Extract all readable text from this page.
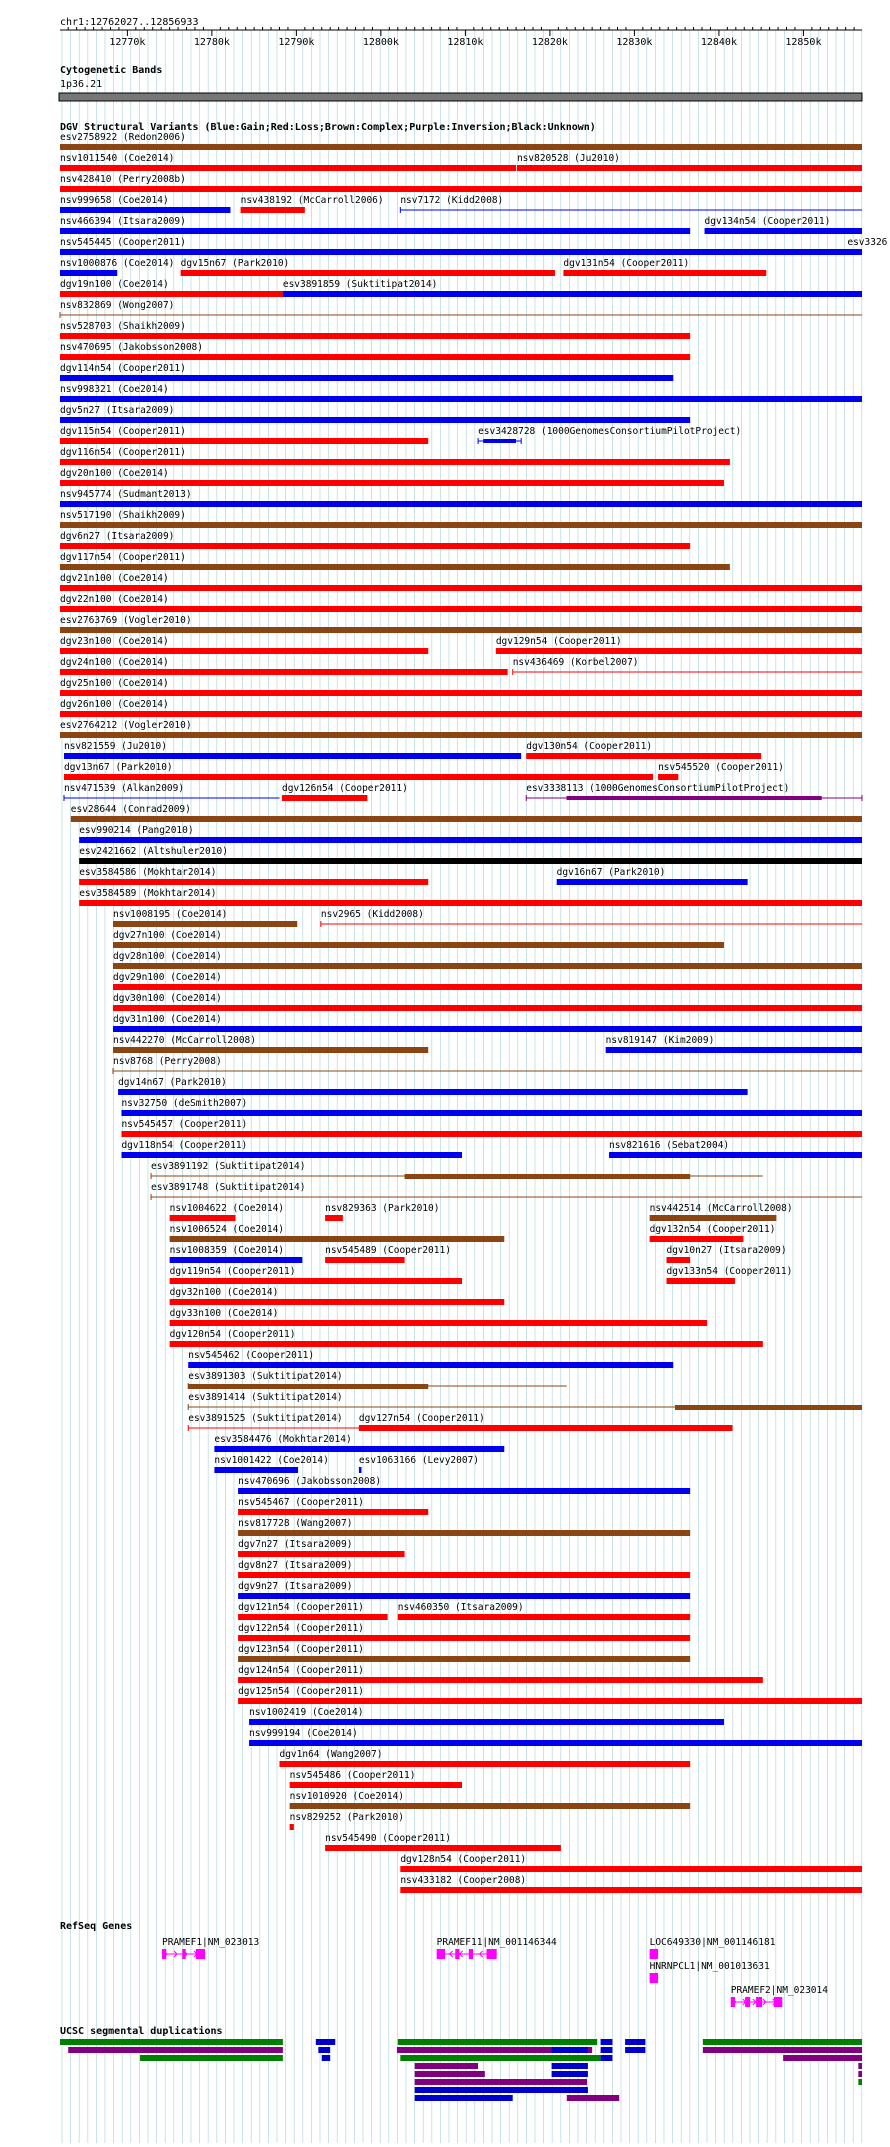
chr1:12762027..12856933
12770k	12780k	12790k	12800k	12810k	12820k	12830k	12840k	12850k
Cytogenetic Bands
1p36.21
DGV Structural Variants (Blue:Gain;Red:Loss;Brown:Complex;Purple:Inversion;Black:Unknown)
esv2758922 (Redon2006)
nsv1011540 (Coe2014)	nsv820528 (Ju2010)
nsv428410 (Perry2008b)
nsv999658 (Coe2014)	nsv438192 (McCarroll2006) nsv7172 (Kidd2008)
nsv466394 (Itsara2009)	dgv134n54 (Cooper2011)
nsv545445 (Cooper2011)	esv3326
nsv1000876 (Coe2014) dgv15n67 (Park2010)	dgv131n54 (Cooper2011)
dgv19n100 (Coe2014)	esv3891859 (Suktitipat2014)
nsv832869 (Wong2007)
nsv528703 (Shaikh2009)
nsv470695 (Jakobsson2008)
dgv114n54 (Cooper2011)
nsv998321 (Coe2014)
dgv5n27 (Itsara2009)
dgv115n54 (Cooper2011)	esv3428728 (1000GenomesConsortiumPilotProject)
dgv116n54 (Cooper2011)
dgv20n100 (Coe2014)
nsv945774 (Sudmant2013)
nsv517190 (Shaikh2009)
dgv6n27 (Itsara2009)
dgv117n54 (Cooper2011)
dgv21n100 (Coe2014)
dgv22n100 (Coe2014)
esv2763769 (Vogler2010)
dgv23n100 (Coe2014)	dgv129n54 (Cooper2011)
dgv24n100 (Coe2014)	nsv436469 (Korbel2007)
dgv25n100 (Coe2014)
dgv26n100 (Coe2014)
esv2764212 (Vogler2010)
nsv821559 (Ju2010)	dgv130n54 (Cooper2011)
dgv13n67 (Park2010)	nsv545520 (Cooper2011)
nsv471539 (Alkan2009)	dgv126n54 (Cooper2011)	esv3338113 (1000GenomesConsortiumPilotProject)
esv28644 (Conrad2009)
esv990214 (Pang2010)
esv2421662 (Altshuler2010)
esv3584586 (Mokhtar2014)	dgv16n67 (Park2010)
esv3584589 (Mokhtar2014)
nsv1008195 (Coe2014)	nsv2965 (Kidd2008)
dgv27n100 (Coe2014)
dgv28n100 (Coe2014)
dgv29n100 (Coe2014)
dgv30n100 (Coe2014)
dgv31n100 (Coe2014)
nsv442270 (McCarroll2008)	nsv819147 (Kim2009)
nsv8768 (Perry2008)
dgv14n67 (Park2010)
nsv32750 (deSmith2007)
nsv545457 (Cooper2011)
dgv118n54 (Cooper2011)	nsv821616 (Sebat2004)
esv3891192 (Suktitipat2014)
esv3891748 (Suktitipat2014)
nsv1004622 (Coe2014)	nsv829363 (Park2010)	nsv442514 (McCarroll2008)
nsv1006524 (Coe2014)	dgv132n54 (Cooper2011)
nsv1008359 (Coe2014)	nsv545489 (Cooper2011)	dgv10n27 (Itsara2009)
dgv119n54 (Cooper2011)	dgv133n54 (Cooper2011)
dgv32n100 (Coe2014)
dgv33n100 (Coe2014)
dgv120n54 (Cooper2011)
nsv545462 (Cooper2011)
esv3891303 (Suktitipat2014)
esv3891414 (Suktitipat2014)
esv3891525 (Suktitipat2014) dgv127n54 (Cooper2011)
esv3584476 (Mokhtar2014)
nsv1001422 (Coe2014)	esv1063166 (Levy2007)
nsv470696 (Jakobsson2008)
nsv545467 (Cooper2011)
nsv817728 (Wang2007)
dgv7n27 (Itsara2009)
dgv8n27 (Itsara2009)
dgv9n27 (Itsara2009)
dgv121n54 (Cooper2011)	nsv460350 (Itsara2009)
dgv122n54 (Cooper2011)
dgv123n54 (Cooper2011)
dgv124n54 (Cooper2011)
dgv125n54 (Cooper2011)
nsv1002419 (Coe2014)
nsv999194 (Coe2014)
dgv1n64 (Wang2007)
nsv545486 (Cooper2011)
nsv1010920 (Coe2014)
nsv829252 (Park2010)
nsv545490 (Cooper2011)
dgv128n54 (Cooper2011)
nsv433182 (Cooper2008)
RefSeq Genes
PRAMEF1|NM_023013	PRAMEF11|NM_001146344	LOC649330|NM_001146181
HNRNPCL1|NM_001013631
PRAMEF2|NM_023014
UCSC segmental duplications
